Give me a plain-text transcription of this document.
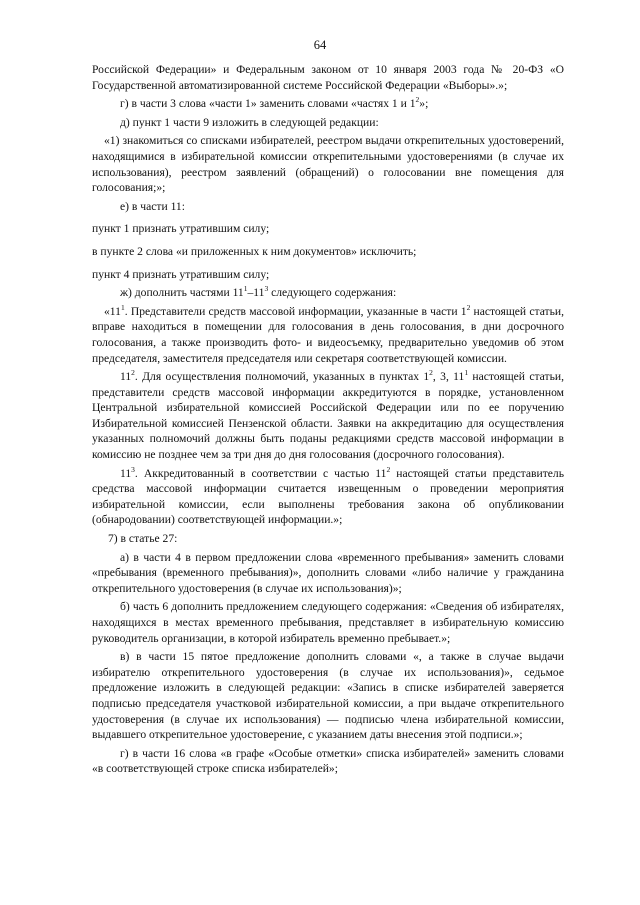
64

Российской Федерации» и Федеральным законом от 10 января 2003 года № 20-ФЗ «О Государственной автоматизированной системе Российской Федерации «Выборы».»;

г) в части 3 слова «части 1» заменить словами «частях 1 и $1^2$»;

д) пункт 1 части 9 изложить в следующей редакции:

«1) знакомиться со списками избирателей, реестром выдачи открепительных удостоверений, находящимися в избирательной комиссии открепительными удостоверениями (в случае их использования), реестром заявлений (обращений) о голосовании вне помещения для голосования;»;

е) в части 11:

пункт 1 признать утратившим силу;

в пункте 2 слова «и приложенных к ним документов» исключить;

пункт 4 признать утратившим силу;

ж) дополнить частями $11^1-11^3$ следующего содержания:

«$11^1$. Представители средств массовой информации, указанные в части $1^2$ настоящей статьи, вправе находиться в помещении для голосования в день голосования, в дни досрочного голосования, а также производить фото- и видеосъемку, предварительно уведомив об этом председателя, заместителя председателя или секретаря соответствующей комиссии.

$11^2$. Для осуществления полномочий, указанных в пунктах $1^2$, 3, $11^1$ настоящей статьи, представители средств массовой информации аккредитуются в порядке, установленном Центральной избирательной комиссией Российской Федерации или по ее поручению Избирательной комиссией Пензенской области. Заявки на аккредитацию для осуществления указанных полномочий должны быть поданы редакциями средств массовой информации в комиссию не позднее чем за три дня до дня голосования (досрочного голосования).

$11^3$. Аккредитованный в соответствии с частью $11^2$ настоящей статьи представитель средства массовой информации считается извещенным о проведении мероприятия избирательной комиссии, если выполнены требования закона об опубликовании (обнародовании) соответствующей информации.»;

7) в статье 27:

а) в части 4 в первом предложении слова «временного пребывания» заменить словами «пребывания (временного пребывания)», дополнить словами «либо наличие у гражданина открепительного удостоверения (в случае их использования)»;

б) часть 6 дополнить предложением следующего содержания: «Сведения об избирателях, находящихся в местах временного пребывания, представляет в избирательную комиссию руководитель организации, в которой избиратель временно пребывает.»;

в) в части 15 пятое предложение дополнить словами «, а также в случае выдачи избирателю открепительного удостоверения (в случае их использования)», седьмое предложение изложить в следующей редакции: «Запись в списке избирателей заверяется подписью председателя участковой избирательной комиссии, а при выдаче открепительного удостоверения (в случае их использования) — подписью члена избирательной комиссии, выдавшего открепительное удостоверение, с указанием даты внесения этой подписи.»;

г) в части 16 слова «в графе «Особые отметки» списка избирателей» заменить словами «в соответствующей строке списка избирателей»;
